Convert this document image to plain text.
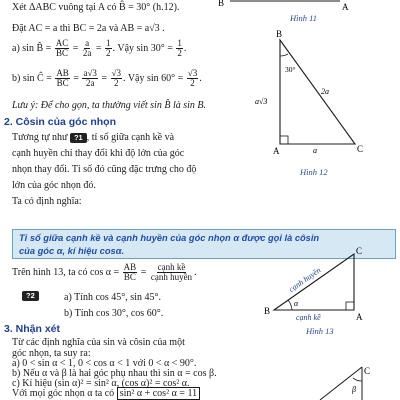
Xét ΔABC vuông tại A có B̂ = 30° (h.12).
Đặt AC = a thì BC = 2a và AB = a√3 .
a) sin B̂ = $\frac{AC}{BC} = \frac{a}{2a} = \frac{1}{2}$ . Vậy $\sin 30^\circ = \frac{1}{2}$ .
b) sin Ĉ = $\frac{AB}{BC} = \frac{a√3}{2a} = \frac{√3}{2}$ . Vậy $\sin 60^\circ = \frac{√3}{2}$ .
Lưu ý: Để cho gọn, ta thường viết sin B̂ là sin B.
2. Côsin của góc nhọn
Tương tự như ?1 , tỉ số giữa cạnh kề và
cạnh huyền chỉ thay đổi khi độ lớn của góc
nhọn thay đổi. Tỉ số đó cũng đặc trưng cho độ
lớn của góc nhọn đó.
Ta có định nghĩa:
Tỉ số giữa cạnh kề và cạnh huyền của góc nhọn α được gọi là côsin
của góc α, kí hiệu cosα.
Trên hình 13, ta có $\cos \alpha = \frac{AB}{BC} = \frac{\text{cạnh kề}}{\text{cạnh huyền}}$ .
?2	a) Tính cos 45°, sin 45°.
b) Tính cos 30°, cos 60°.
3. Nhận xét
Từ các định nghĩa của sin và côsin của một
góc nhọn, ta suy ra:
a) 0 < sin α < 1, 0 < cos α < 1 với 0 < α < 90°.
b) Nếu α và β là hai góc phụ nhau thì sin α = cos β.
B	A
Hình 11
B
A	C
30°
a√3
2a
a
Hình 12
B
A
C
α
cạnh huyền
cạnh kề
Hình 13
β
C
c) Kí hiệu (sin α)² = sin² α, (cos α)² = cos² α.
Với mọi góc nhọn α ta có sin² α + cos² α = 11
